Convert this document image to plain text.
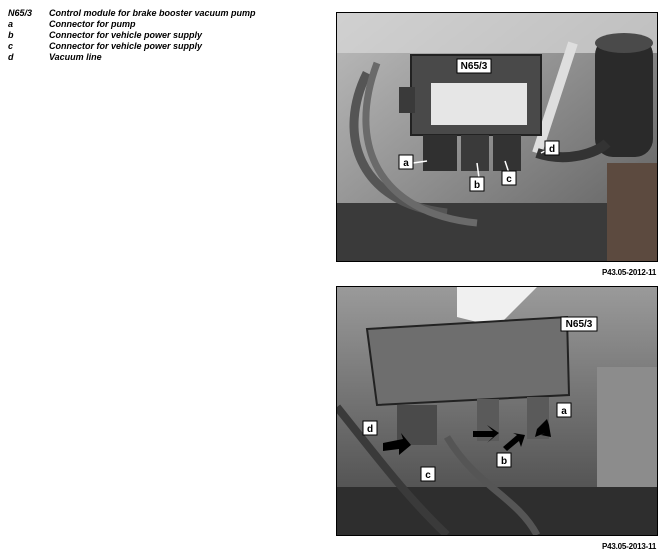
N65/3	Control module for brake booster vacuum pump
a	Connector for pump
b	Connector for vehicle power supply
c	Connector for vehicle power supply
d	Vacuum line
N65/3
a
b
c
d
P43.05-2012-11
N65/3
a
b
c
d
P43.05-2013-11
